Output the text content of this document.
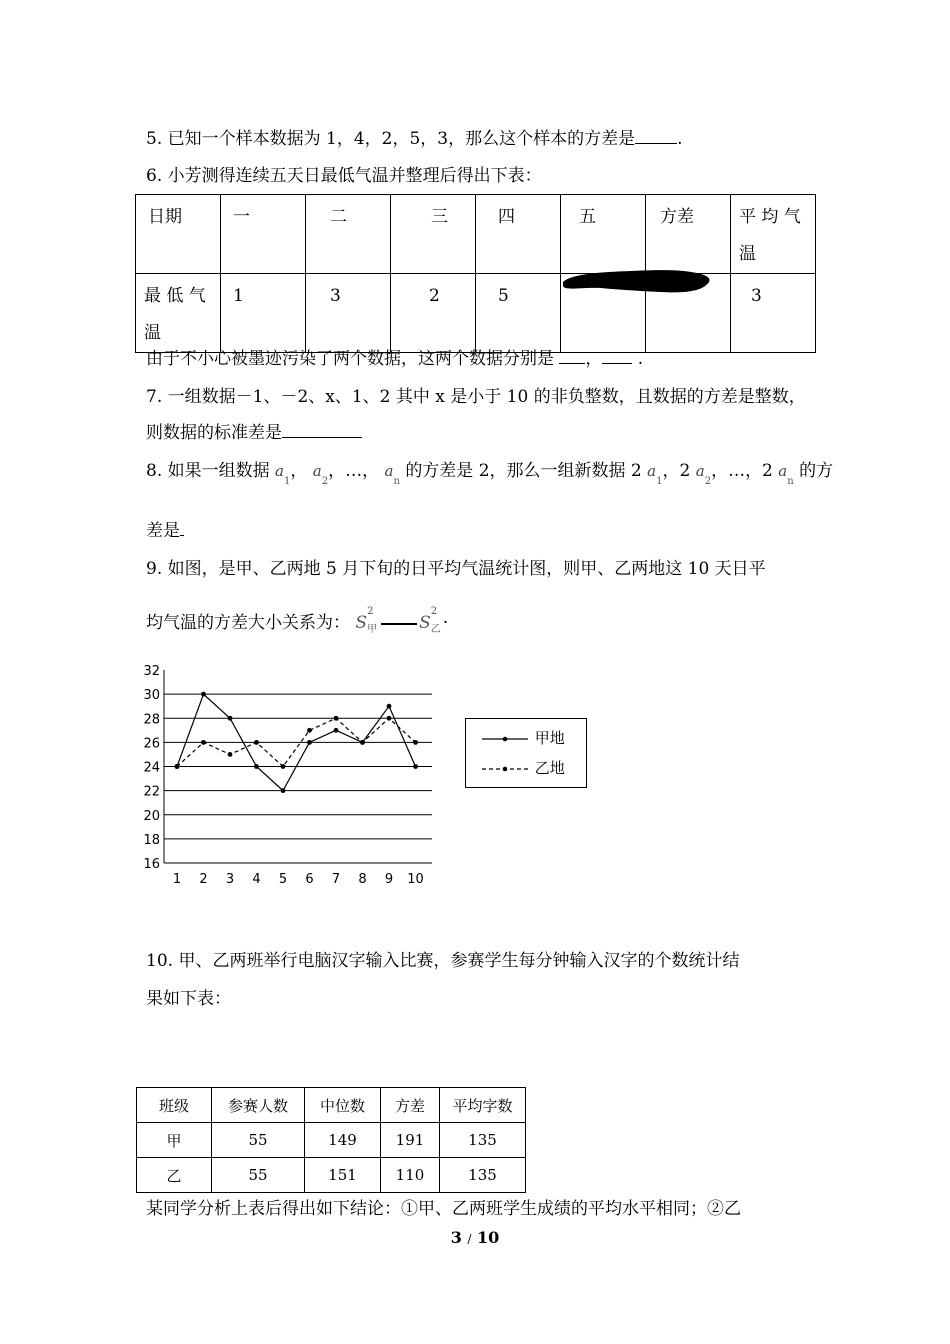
5. 已知一个样本数据为 1，4，2，5，3，那么这个样本的方差是 .
6. 小芳测得连续五天日最低气温并整理后得出下表：
日期	一	二	三	四	五	方差	平 均 气 温

最 低 气 温	1	3	2	5			3
由于不小心被墨迹污染了两个数据，这两个数据分别是 ， .
7. 一组数据－1、－2、x、1、2 其中 x 是小于 10 的非负整数，且数据的方差是整数，
则数据的标准差是
8. 如果一组数据 $a_1$， $a_2$，…， $a_n$ 的方差是 2，那么一组新数据 2 $a_1$，2 $a_2$，…，2 $a_n$ 的方
差是
9. 如图，是甲、乙两地 5 月下旬的日平均气温统计图，则甲、乙两地这 10 天日平
均气温的方差大小关系为： S
2
甲 S
2
乙 ·
16
18
20
22
24
26
28
30
32
1 2 3 4 5 6 7 8 9 10
甲地
乙地
10. 甲、乙两班举行电脑汉字输入比赛，参赛学生每分钟输入汉字的个数统计结
果如下表：
班级	参赛人数	中位数	方差	平均字数
甲	55	149	191	135
乙	55	151	110	135
某同学分析上表后得出如下结论：①甲、乙两班学生成绩的平均水平相同；②乙
3 / 10
